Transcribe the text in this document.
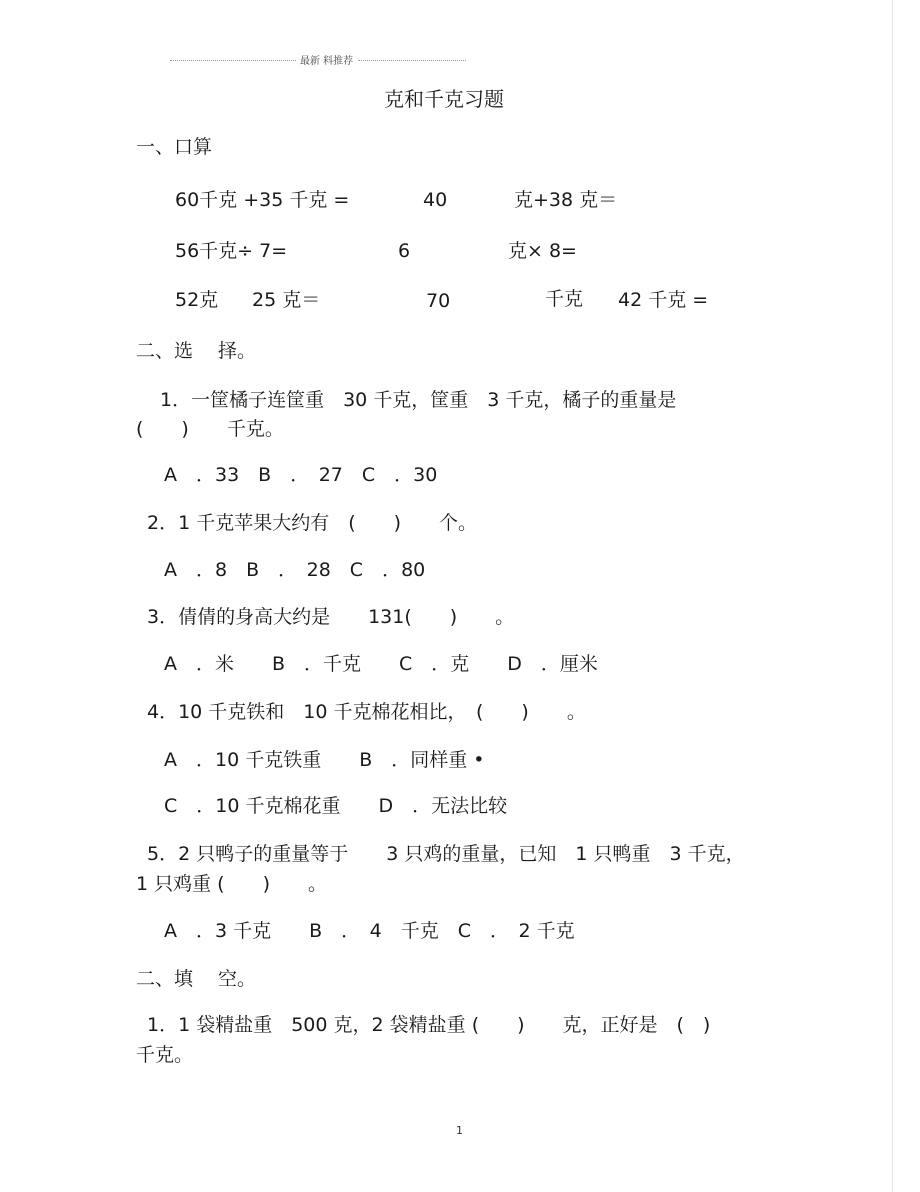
最新 料推荐
克和千克习题
一、口算
60千克 +35 千克 =	40	克+38 克＝
56千克÷ 7=	6	克× 8=
52克 25 克＝	70	千克 42 千克 =
二、选　 择。
1．一筐橘子连筐重　30 千克，筐重　3 千克，橘子的重量是
(　　)　　千克。
A　．33　B　．　27　C　．30
2．1 千克苹果大约有　(　　)　　个。
A　．8　B　．　28　C　．80
3．倩倩的身高大约是　　131(　　)　　。
A　．米　　B　．千克　　C　．克　　D　．厘米
4．10 千克铁和　10 千克棉花相比，　(　　)　　。
A　．10 千克铁重　　B　．同样重 •
C　．10 千克棉花重　　D　．无法比较
5．2 只鸭子的重量等于　　3 只鸡的重量，已知　1 只鸭重　3 千克，
1 只鸡重 (　　)　　。
A　．3 千克　　B　．　4　千克　C　．　2 千克
二、填　 空。
1．1 袋精盐重　500 克，2 袋精盐重 (　　)　　克，正好是　(　)
千克。
1
